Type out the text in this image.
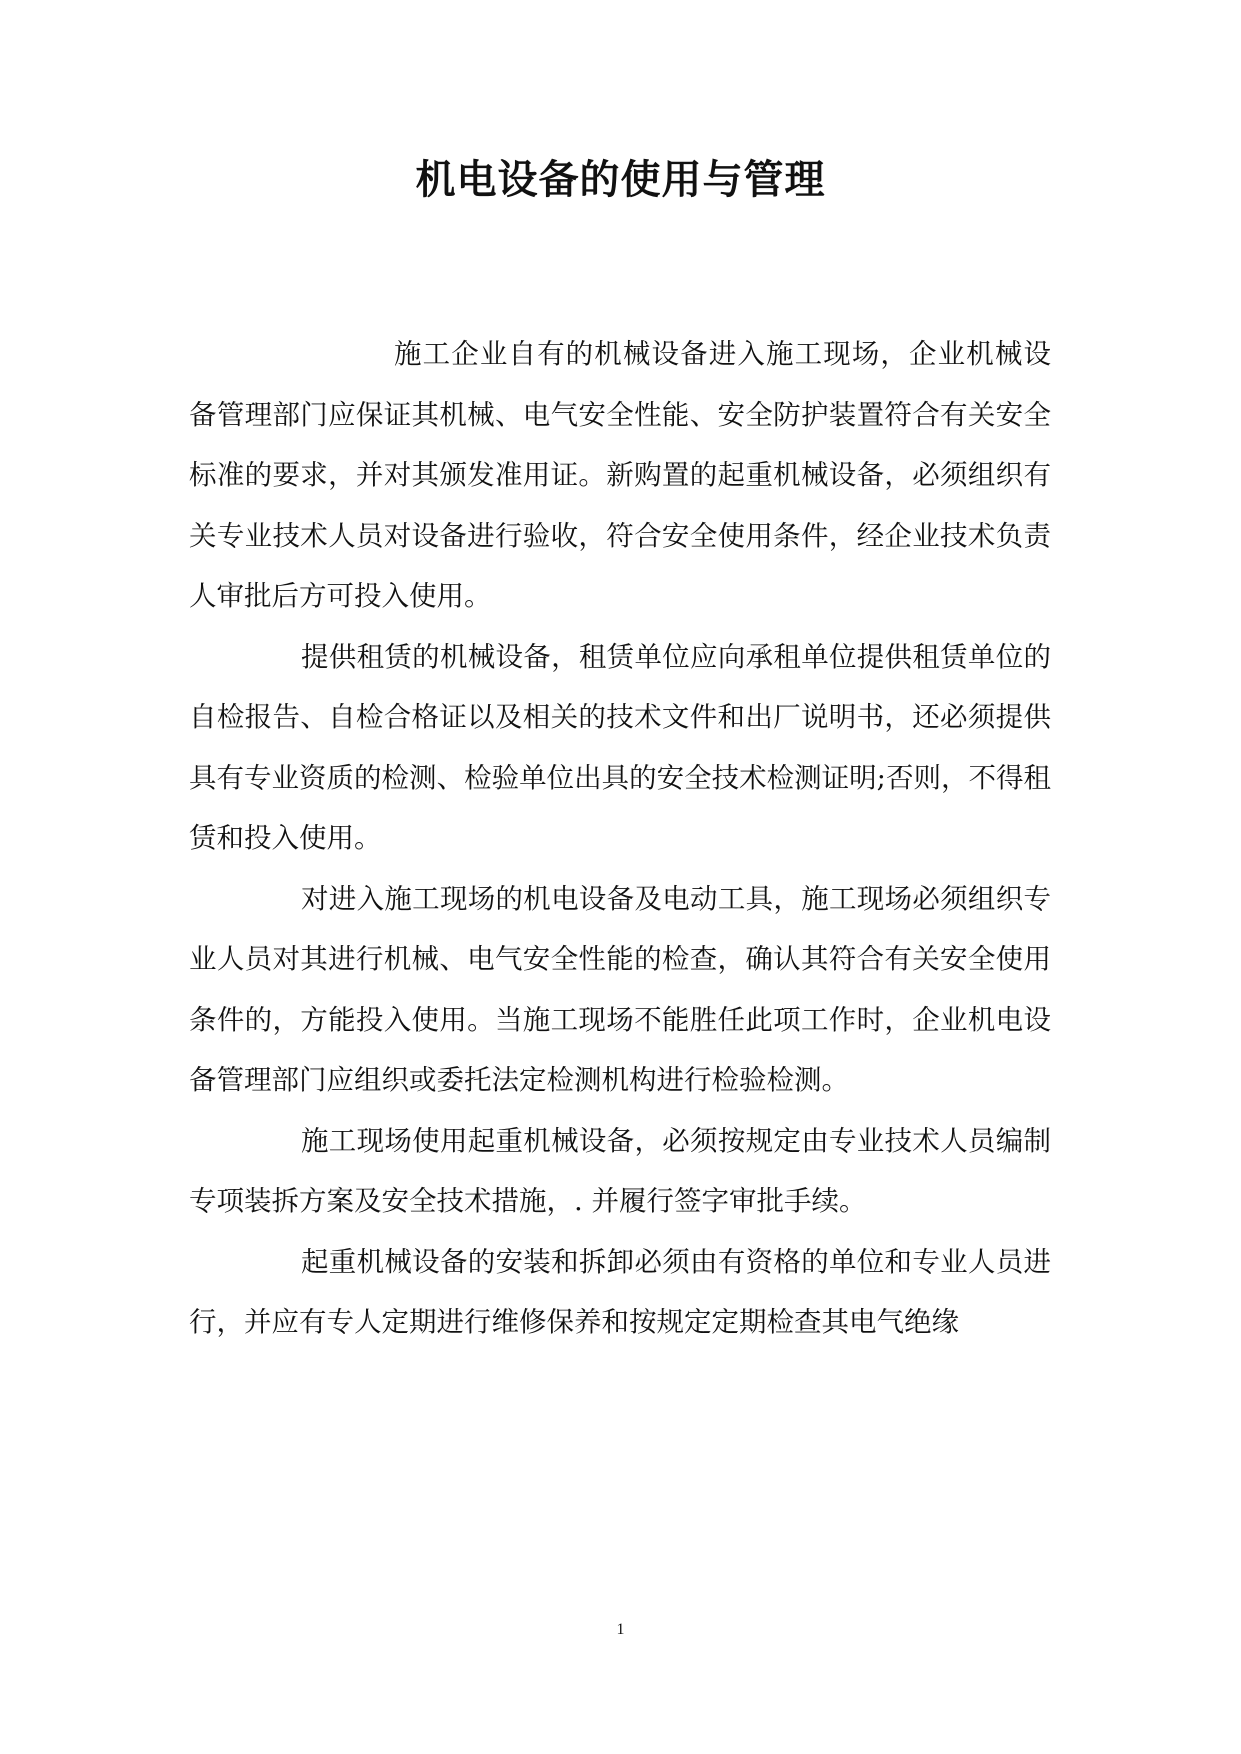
机电设备的使用与管理

施工企业自有的机械设备进入施工现场，企业机械设备管理部门应保证其机械、电气安全性能、安全防护装置符合有关安全标准的要求，并对其颁发准用证。新购置的起重机械设备，必须组织有关专业技术人员对设备进行验收，符合安全使用条件，经企业技术负责人审批后方可投入使用。

提供租赁的机械设备，租赁单位应向承租单位提供租赁单位的自检报告、自检合格证以及相关的技术文件和出厂说明书，还必须提供具有专业资质的检测、检验单位出具的安全技术检测证明;否则，不得租赁和投入使用。

对进入施工现场的机电设备及电动工具，施工现场必须组织专业人员对其进行机械、电气安全性能的检查，确认其符合有关安全使用条件的，方能投入使用。当施工现场不能胜任此项工作时，企业机电设备管理部门应组织或委托法定检测机构进行检验检测。

施工现场使用起重机械设备，必须按规定由专业技术人员编制专项装拆方案及安全技术措施，. 并履行签字审批手续。

起重机械设备的安装和拆卸必须由有资格的单位和专业人员进行，并应有专人定期进行维修保养和按规定定期检查其电气绝缘

1
